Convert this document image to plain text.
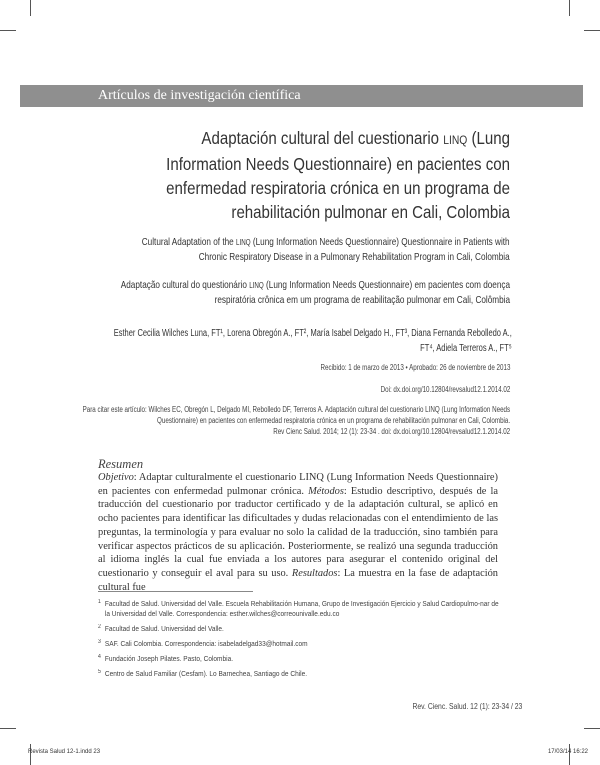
Artículos de investigación científica
Adaptación cultural del cuestionario LINQ (Lung Information Needs Questionnaire) en pacientes con enfermedad respiratoria crónica en un programa de rehabilitación pulmonar en Cali, Colombia
Cultural Adaptation of the LINQ (Lung Information Needs Questionnaire) Questionnaire in Patients with
Chronic Respiratory Disease in a Pulmonary Rehabilitation Program in Cali, Colombia
Adaptação cultural do questionário LINQ (Lung Information Needs Questionnaire) em pacientes com doença
respiratória crônica em um programa de reabilitação pulmonar em Cali, Colômbia
Esther Cecilia Wilches Luna, FT¹, Lorena Obregón A., FT², María Isabel Delgado H., FT³, Diana Fernanda Rebolledo A.,
FT⁴, Adiela Terreros A., FT⁵
Recibido: 1 de marzo de 2013 • Aprobado: 26 de noviembre de 2013
Doi: dx.doi.org/10.12804/revsalud12.1.2014.02
Para citar este artículo: Wilches EC, Obregón L, Delgado MI, Rebolledo DF, Terreros A. Adaptación cultural del cuestionario LINQ (Lung Information Needs
Questionnaire) en pacientes con enfermedad respiratoria crónica en un programa de rehabilitación pulmonar en Cali, Colombia.
Rev Cienc Salud. 2014; 12 (1): 23-34 . doi: dx.doi.org/10.12804/revsalud12.1.2014.02
Resumen

Objetivo: Adaptar culturalmente el cuestionario LINQ (Lung Information Needs Questionnaire) en pacientes con enfermedad pulmonar crónica. Métodos: Estudio descriptivo, después de la traducción del cuestionario por traductor certificado y de la adaptación cultural, se aplicó en ocho pacientes para identificar las dificultades y dudas relacionadas con el entendimiento de las preguntas, la terminología y para evaluar no solo la calidad de la traducción, sino también para verificar aspectos prácticos de su aplicación. Posteriormente, se realizó una segunda traducción al idioma inglés la cual fue enviada a los autores para asegurar el contenido original del cuestionario y conseguir el aval para su uso. Resultados: La muestra en la fase de adaptación cultural fue

1 Facultad de Salud. Universidad del Valle. Escuela Rehabilitación Humana, Grupo de Investigación Ejercicio y Salud Cardiopulmo-nar de la Universidad del Valle. Correspondencia: esther.wilches@correounivalle.edu.co
2 Facultad de Salud. Universidad del Valle.
3 SAF. Cali Colombia. Correspondencia: isabeladelgad33@hotmail.com
4 Fundación Joseph Pilates. Pasto, Colombia.
5 Centro de Salud Familiar (Cesfam). Lo Barnechea, Santiago de Chile.
Rev. Cienc. Salud. 12 (1): 23-34 / 23
Revista Salud 12-1.indd 23	17/03/14 16:22
